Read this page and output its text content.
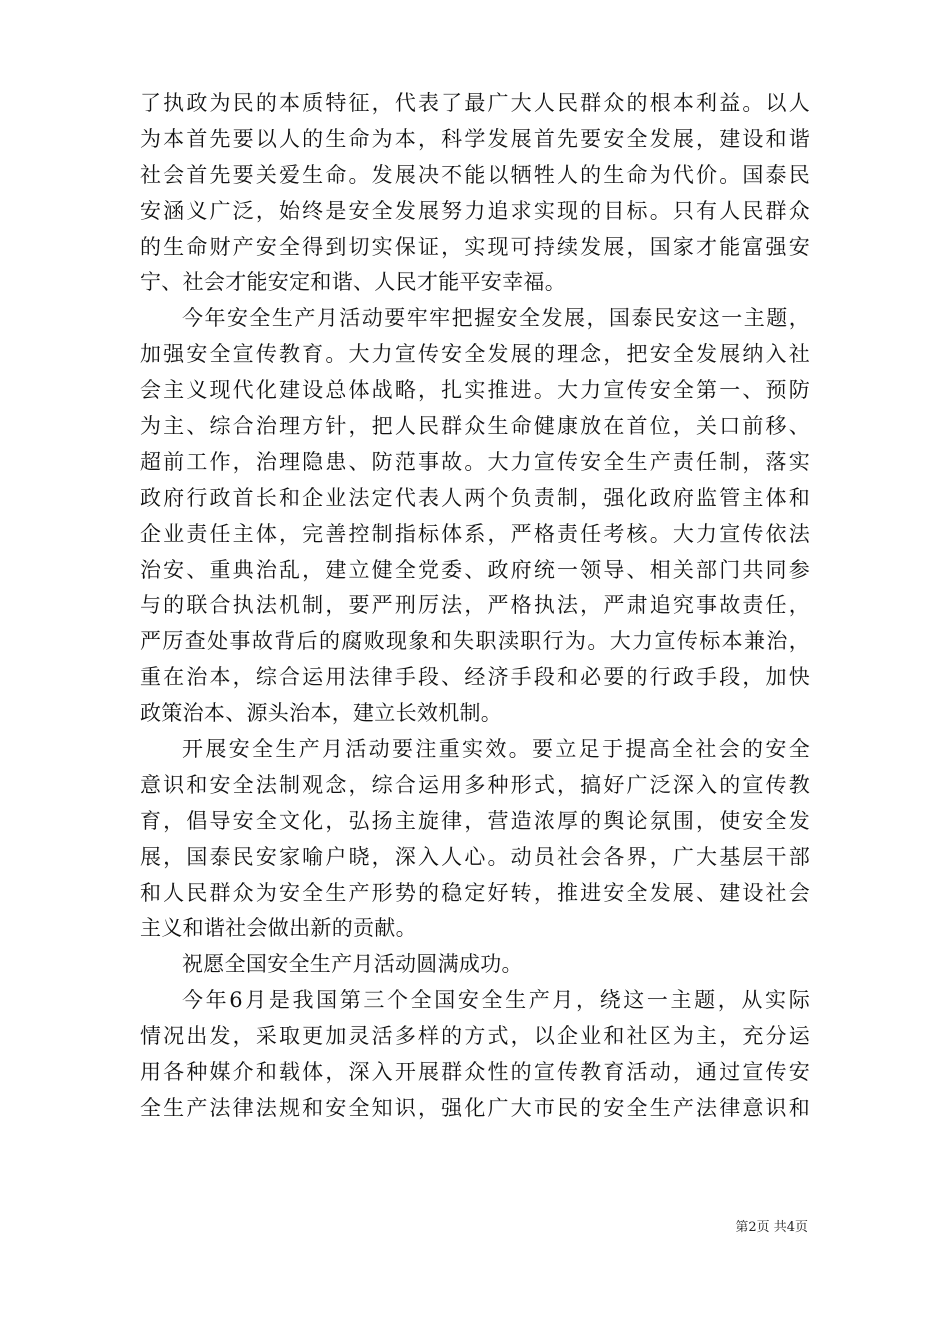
了执政为民的本质特征，代表了最广大人民群众的根本利益。以人
为本首先要以人的生命为本，科学发展首先要安全发展，建设和谐
社会首先要关爱生命。发展决不能以牺牲人的生命为代价。国泰民
安涵义广泛，始终是安全发展努力追求实现的目标。只有人民群众
的生命财产安全得到切实保证，实现可持续发展，国家才能富强安
宁、社会才能安定和谐、人民才能平安幸福。
今年安全生产月活动要牢牢把握安全发展，国泰民安这一主题，
加强安全宣传教育。大力宣传安全发展的理念，把安全发展纳入社
会主义现代化建设总体战略，扎实推进。大力宣传安全第一、预防
为主、综合治理方针，把人民群众生命健康放在首位，关口前移、
超前工作，治理隐患、防范事故。大力宣传安全生产责任制，落实
政府行政首长和企业法定代表人两个负责制，强化政府监管主体和
企业责任主体，完善控制指标体系，严格责任考核。大力宣传依法
治安、重典治乱，建立健全党委、政府统一领导、相关部门共同参
与的联合执法机制，要严刑厉法，严格执法，严肃追究事故责任，
严厉查处事故背后的腐败现象和失职渎职行为。大力宣传标本兼治，
重在治本，综合运用法律手段、经济手段和必要的行政手段，加快
政策治本、源头治本，建立长效机制。
开展安全生产月活动要注重实效。要立足于提高全社会的安全
意识和安全法制观念，综合运用多种形式，搞好广泛深入的宣传教
育，倡导安全文化，弘扬主旋律，营造浓厚的舆论氛围，使安全发
展，国泰民安家喻户晓，深入人心。动员社会各界，广大基层干部
和人民群众为安全生产形势的稳定好转，推进安全发展、建设社会
主义和谐社会做出新的贡献。
祝愿全国安全生产月活动圆满成功。
今年6月是我国第三个全国安全生产月，绕这一主题，从实际
情况出发，采取更加灵活多样的方式，以企业和社区为主，充分运
用各种媒介和载体，深入开展群众性的宣传教育活动，通过宣传安
全生产法律法规和安全知识，强化广大市民的安全生产法律意识和
第2页 共4页
